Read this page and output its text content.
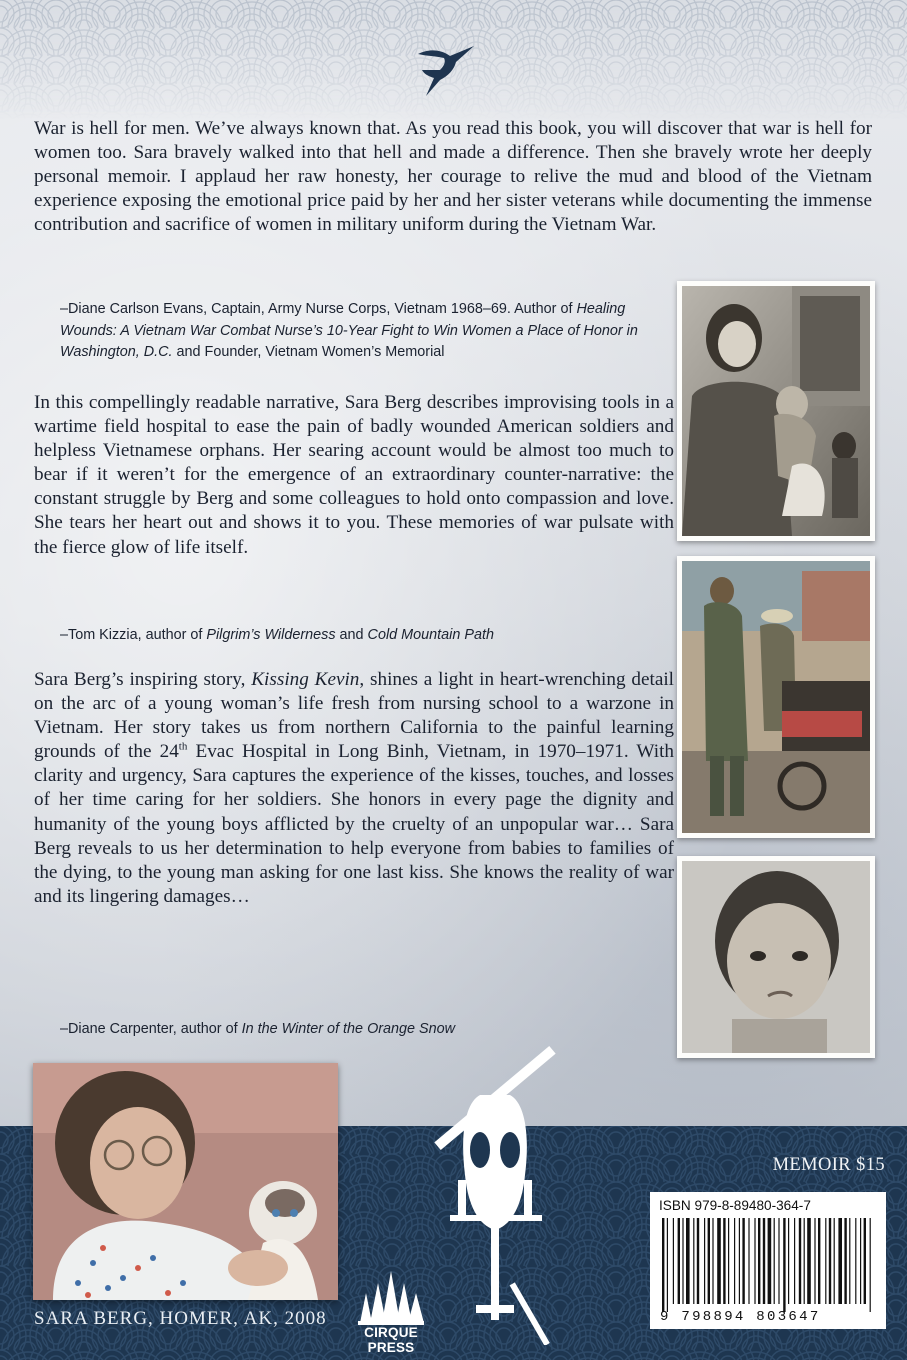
War is hell for men. We’ve always known that. As you read this book, you will discover that war is hell for women too. Sara bravely walked into that hell and made a difference. Then she bravely wrote her deeply personal memoir. I applaud her raw honesty, her courage to relive the mud and blood of the Vietnam experience exposing the emotional price paid by her and her sister veterans while documenting the immense contribution and sacrifice of women in military uniform during the Vietnam War.

–Diane Carlson Evans, Captain, Army Nurse Corps, Vietnam 1968–69. Author of Healing Wounds: A Vietnam War Combat Nurse’s 10-Year Fight to Win Women a Place of Honor in Washington, D.C. and Founder, Vietnam Women’s Memorial

In this compellingly readable narrative, Sara Berg describes improvising tools in a wartime field hospital to ease the pain of badly wounded American soldiers and helpless Vietnamese orphans. Her searing account would be almost too much to bear if it weren’t for the emergence of an extraordinary counter-narrative: the constant struggle by Berg and some colleagues to hold onto compassion and love. She tears her heart out and shows it to you. These memories of war pulsate with the fierce glow of life itself.

–Tom Kizzia, author of Pilgrim’s Wilderness and Cold Mountain Path

Sara Berg’s inspiring story, Kissing Kevin, shines a light in heart-wrenching detail on the arc of a young woman’s life fresh from nursing school to a warzone in Vietnam. Her story takes us from northern California to the painful learning grounds of the 24th Evac Hospital in Long Binh, Vietnam, in 1970–1971. With clarity and urgency, Sara captures the experience of the kisses, touches, and losses of her time caring for her soldiers. She honors in every page the dignity and humanity of the young boys afflicted by the cruelty of an unpopular war… Sara Berg reveals to us her determination to help everyone from babies to families of the dying, to the young man asking for one last kiss. She knows the reality of war and its lingering damages…

–Diane Carpenter, author of In the Winter of the Orange Snow

SARA BERG, HOMER, AK, 2008

CIRQUE PRESS

MEMOIR $15

ISBN 979-8-89480-364-7

9 798894 803647
